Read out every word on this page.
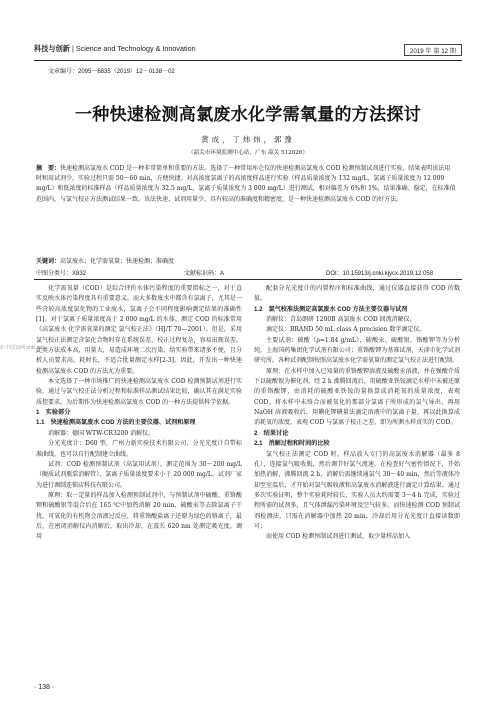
科技与创新 | Science and Technology & Innovation	2019 年 第 12 期
文章编号：2095－6835（2019）12－0138－02
一种快速检测高氯废水化学需氧量的方法探讨
黄成，丁炜炜，郭豫
（韶关市环境监测中心站，广东 韶关 512026）
摘　要：快速检测高氯废水 COD 是一种非常简单和重要的方法。选择了一种常用库仑仪的快速检测高氯废水 COD 检测预制试剂进行实验，结果表明该法用时和用试剂少，实验过程只需 50～60 min，方便快捷。对高浓度氯离子的高浓度样品进行实验（样品质量浓度为 132 mg/L，氯离子质量浓度为 12 000 mg/L）和低浓度的标准样品（样品质量浓度为 32.5 mg/L，氯离子质量浓度为 3 000 mg/L）进行测试，相对偏差为 6%和 1%，结果准确、稳定，在标准值范围内，与氯气校正方法测试结果一致。该法快速、试剂用量少，具有较高的准确度和精密度，是一种快速检测高氯废水 COD 的好方法。
关键词：高氯废水；化学需氧量；快速检测；准确度
中图分类号：X832	文献标识码：A	DOI：10.15913/j.cnki.kjycx.2019.12.058

化学需氧量（COD）是综合评价水体污染程度的重要指标之一，对于直实反映水体污染程度具有重要意义。而大多数废水中都含有氯离子，尤其是一些含较高浓度氯化物的工业废水，氯离子会不同程度影响测定结果的准确性[1]。对于氯离子质量浓度高于 2 000 mg/L 的水体，测定 COD 的标准常用《高氯废水 化学需氧量的测定 氯气校正法》（HJ/T 70—2001）。但是，采用氯气校正法测定含氯化合物时存在系统误差，校正过程复杂，容易出现误差，此类方法成本高，用量大，易造成环境二次污染，给实验带来诸多不便，且分析人员要求高，耗时长，不适合批量测定水样[2-3]。因此，开发出一种快速检测高氯废水 COD 的方法尤为重要。

本文选择了一种市场推广的快速检测高氯废水 COD 检测预制试剂进行实验，通过与氯气校正法分析过程和标准样品测试结果比较，确认其在满足实验质控要求，为后期作为快速检测高氯废水 COD 的一种方法提供科学依据。

1　实验部分

1.1　快速检测高氯废水 COD 方法的主要仪器、试剂和原理

消解器：德国 WTW-CR3200 消解仪。

分光光度计：D60 型，广州力新实验技术有限公司，分光光度计自带标准曲线，也可以自行配制建立曲线。

试剂：COD 检测预制试剂（高氯用试剂），测定范围为 30～200 mg/L（硬质试剂瓶装消解管），氯离子质量浓度要求小于 20 000 mg/L。试剂厂家为进行调制连锁店科技有限公司。

原理：取一定量的样品加入检测预制试剂中，与预制试剂中硫酸、重铬酸钾和硫酸银等混合后在 165 ℃中加热消解 20 min，硫酸汞等去除氯离子干扰，可氧化的有机物会溶液过反应，将重铬酸盐离子还原为绿色的铬离子，最后，在密闭消解仪内消解后，取出冷却，在波长 620 nm 处测定吸光度，调用

配套分光光度计的内置程序和标准曲线，通过仪器直接获得 COD 的数值。

1.2　氯气校准法测定高氯废水 COD 方法主要仪器与试剂

消解仪：青岛朗研 1200B 高氯废水 COD 回流消解仪。

滴定仪：BRAND 50 mL class A precision 数字滴定仪。

主要试剂：硫酸（ρ=1.84 g/mL），硫酸汞、硫酸银、铬酸钾等为分析纯，上海国药集团化学试剂有限公司；重铬酸钾为基准试剂，天津市化学试剂研究所。各种试剂配制按照高氯废水化学需氧量的测定氯气校正法进行配制。

原理：在水样中加入已知量的重铬酸钾溶液及硫酸汞溶液，并在强酸介质下以硫酸银为催化剂，经 2 h 沸腾回流后，用硫酸亚铁铵滴定水样中未被还原的重铬酸钾，由消耗的硫酸亚铁铵的量换算成消耗氧的质量浓度，表观 COD。将水样中未络合而被氧化的那部分氯离子所形成的氯气导出，再用 NaOH 溶液吸收后，用碘化钾碘量法滴定溶液中的氯离子量，再以此换算成消耗氧的浓度，表观 COD 与氯离子校正之差，即为所测水样真实的 COD。

2　结果讨论

2.1　消解过程和时间的比较

氯气校正法测定 COD 时，样品放入专门的高氯废水消解器（最多 8 孔），连接氯气吸收瓶，然后调节好氯气流速，在检查好气密性情况下，开始加热消解，沸腾回流 2 h，消解后需继续通氯气 30～40 min，然后等液体冷却至室温后，才开始对氯气吸收液和高氯废水消解液进行滴定计算结果。通过多次实验证明，整个实验耗时较长，实验人员大约需要 3～4 h 完成，实验过程所需的试剂多，且气体泄漏污染环境及空气较多。而快速检测 COD 预制试剂检测法，只需在消解器中加热 20 min，冷却后用分光光度计直接读数即可；

而使用 COD 检测预制试剂进行测试，取少量样品加入

© 中国知网 cnki.net
· 138 ·
